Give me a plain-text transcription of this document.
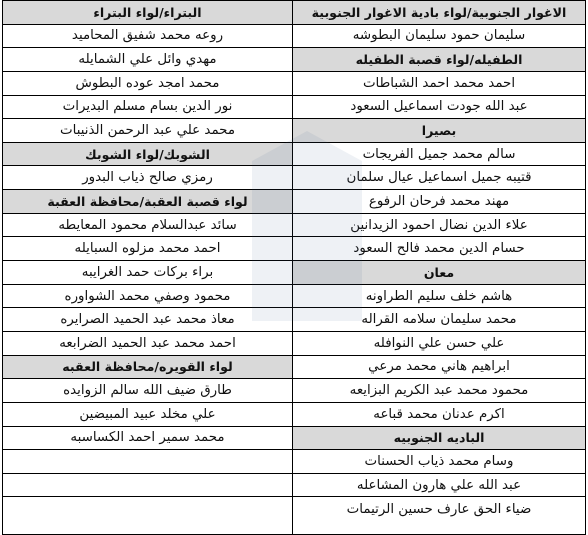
الاغوار الجنوبية/لواء بادية الاغوار الجنوبية
سليمان حمود سليمان البطوشه
الطفيله/لواء قصبة الطفيله
احمد محمد احمد الشباطات
عبد الله جودت اسماعيل السعود
بصيرا
سالم محمد جميل الفريجات
قتيبه جميل اسماعيل عيال سلمان
مهند محمد فرحان الرفوع
علاء الدين نضال احمود الزيدانين
حسام الدين محمد فالح السعود
معان
هاشم خلف سليم الطراونه
محمد سليمان سلامه القراله
علي حسن علي النوافله
ابراهيم هاني محمد مرعي
محمود محمد عبد الكريم البزايعه
اكرم عدنان محمد قباعه
الباديه الجنوبيه
وسام محمد ذياب الحسنات
عبد الله علي هارون المشاعله
ضياء الحق عارف حسين الرتيمات
البتراء/لواء البتراء
روعه محمد شفيق المحاميد
مهدي وائل علي الشمايله
محمد امجد عوده البطوش
نور الدين بسام مسلم البديرات
محمد علي عبد الرحمن الذنيبات
الشوبك/لواء الشوبك
رمزي صالح ذياب البدور
لواء قصبة العقبة/محافظة العقبة
سائد عبدالسلام محمود المعايطه
احمد محمد مزلوه السبايله
براء بركات حمد الغرايبه
محمود وصفي محمد الشواوره
معاذ محمد عبد الحميد الصرايره
احمد محمد عبد الحميد الضرابعه
لواء القويره/محافظة العقبه
طارق ضيف الله سالم الزوايده
علي مخلد عبيد المبيضين
محمد سمير احمد الكساسبه
